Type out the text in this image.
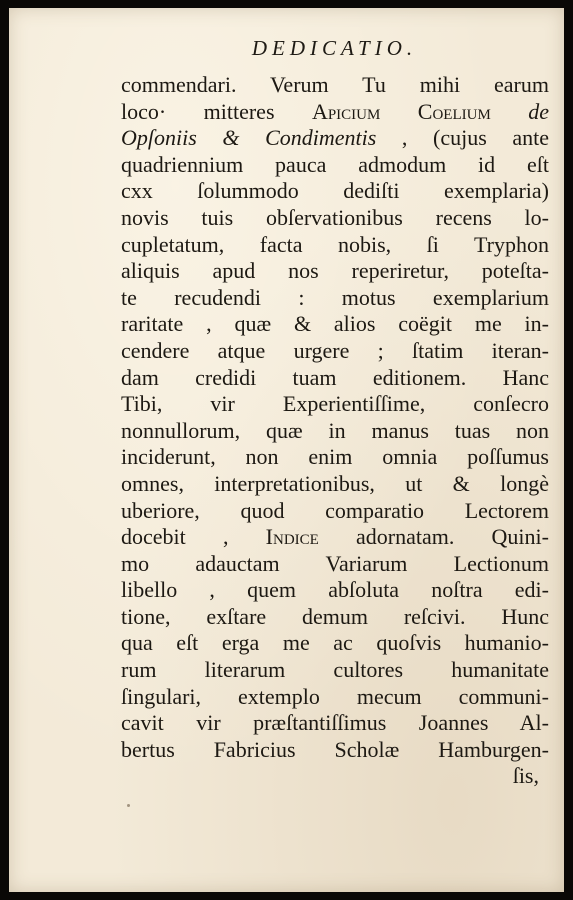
DEDICATIO.
commendari. Verum Tu mihi earum
loco· mitteres Apicium Coelium de
Opſoniis & Condimentis , (cujus ante
quadriennium pauca admodum id eſt
cxx ſolummodo dediſti exemplaria)
novis tuis obſervationibus recens lo-
cupletatum, facta nobis, ſi Tryphon
aliquis apud nos reperiretur, poteſta-
te recudendi : motus exemplarium
raritate , quæ & alios coëgit me in-
cendere atque urgere ; ſtatim iteran-
dam credidi tuam editionem. Hanc
Tibi, vir Experientiſſime, conſecro
nonnullorum, quæ in manus tuas non
inciderunt, non enim omnia poſſumus
omnes, interpretationibus, ut & longè
uberiore, quod comparatio Lectorem
docebit , Indice adornatam. Quini-
mo adauctam Variarum Lectionum
libello , quem abſoluta noſtra edi-
tione, exſtare demum reſcivi. Hunc
qua eſt erga me ac quoſvis humanio-
rum literarum cultores humanitate
ſingulari, extemplo mecum communi-
cavit vir præſtantiſſimus Joannes Al-
bertus Fabricius Scholæ Hamburgen-
ſis,
